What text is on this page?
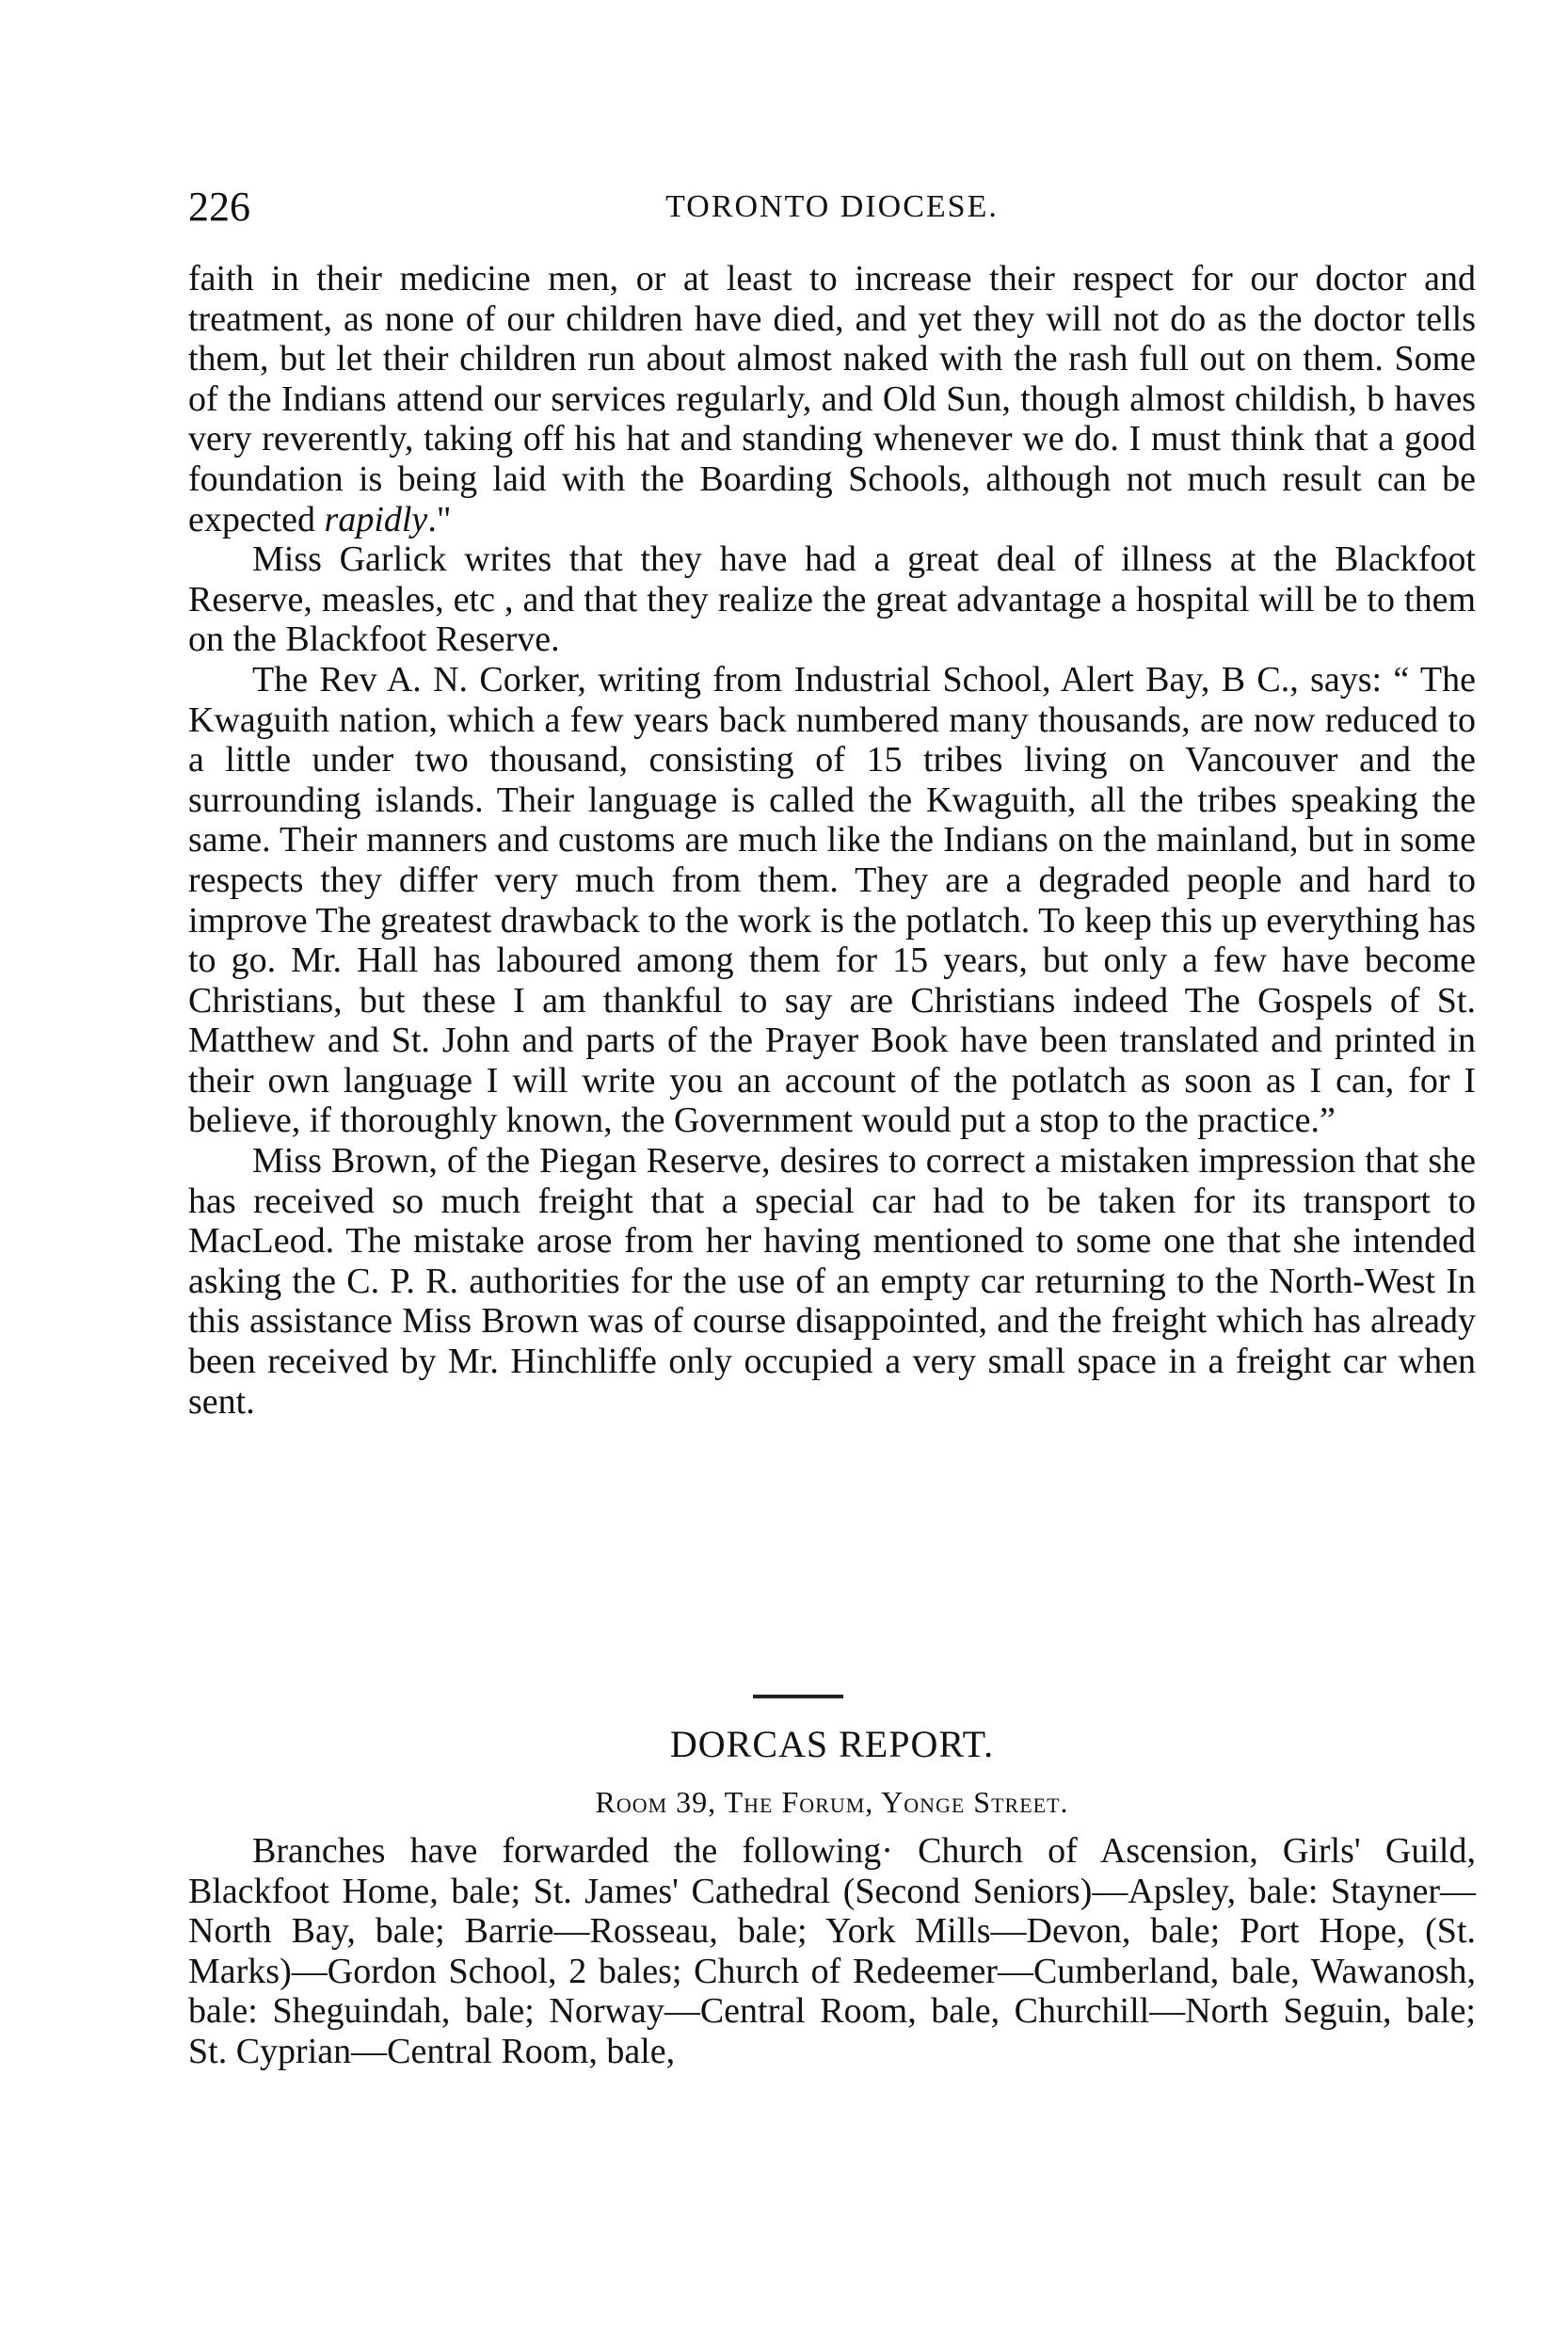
226	TORONTO DIOCESE.

faith in their medicine men, or at least to increase their respect for our doctor and treatment, as none of our children have died, and yet they will not do as the doctor tells them, but let their children run about almost naked with the rash full out on them. Some of the Indians attend our services regularly, and Old Sun, though almost childish, b haves very reverently, taking off his hat and standing whenever we do. I must think that a good foundation is being laid with the Boarding Schools, although not much result can be expected rapidly."

Miss Garlick writes that they have had a great deal of illness at the Blackfoot Reserve, measles, etc , and that they realize the great advantage a hospital will be to them on the Blackfoot Reserve.

The Rev A. N. Corker, writing from Industrial School, Alert Bay, B C., says: “ The Kwaguith nation, which a few years back numbered many thousands, are now reduced to a little under two thousand, consisting of 15 tribes living on Vancouver and the surrounding islands. Their language is called the Kwaguith, all the tribes speaking the same. Their manners and customs are much like the Indians on the mainland, but in some respects they differ very much from them. They are a degraded people and hard to improve The greatest drawback to the work is the potlatch. To keep this up everything has to go. Mr. Hall has laboured among them for 15 years, but only a few have become Christians, but these I am thankful to say are Christians indeed The Gospels of St. Matthew and St. John and parts of the Prayer Book have been translated and printed in their own language I will write you an account of the potlatch as soon as I can, for I believe, if thoroughly known, the Government would put a stop to the practice.”

Miss Brown, of the Piegan Reserve, desires to correct a mistaken impression that she has received so much freight that a special car had to be taken for its transport to MacLeod. The mistake arose from her having mentioned to some one that she intended asking the C. P. R. authorities for the use of an empty car returning to the North-West In this assistance Miss Brown was of course disappointed, and the freight which has already been received by Mr. Hinchliffe only occupied a very small space in a freight car when sent.

DORCAS REPORT.
Room 39, The Forum, Yonge Street.

Branches have forwarded the following· Church of Ascension, Girls' Guild, Blackfoot Home, bale; St. James' Cathedral (Second Seniors)—Apsley, bale: Stayner—North Bay, bale; Barrie—Rosseau, bale; York Mills—Devon, bale; Port Hope, (St. Marks)—Gordon School, 2 bales; Church of Redeemer—Cumberland, bale, Wawanosh, bale: Sheguindah, bale; Norway—Central Room, bale, Churchill—North Seguin, bale; St. Cyprian—Central Room, bale,
